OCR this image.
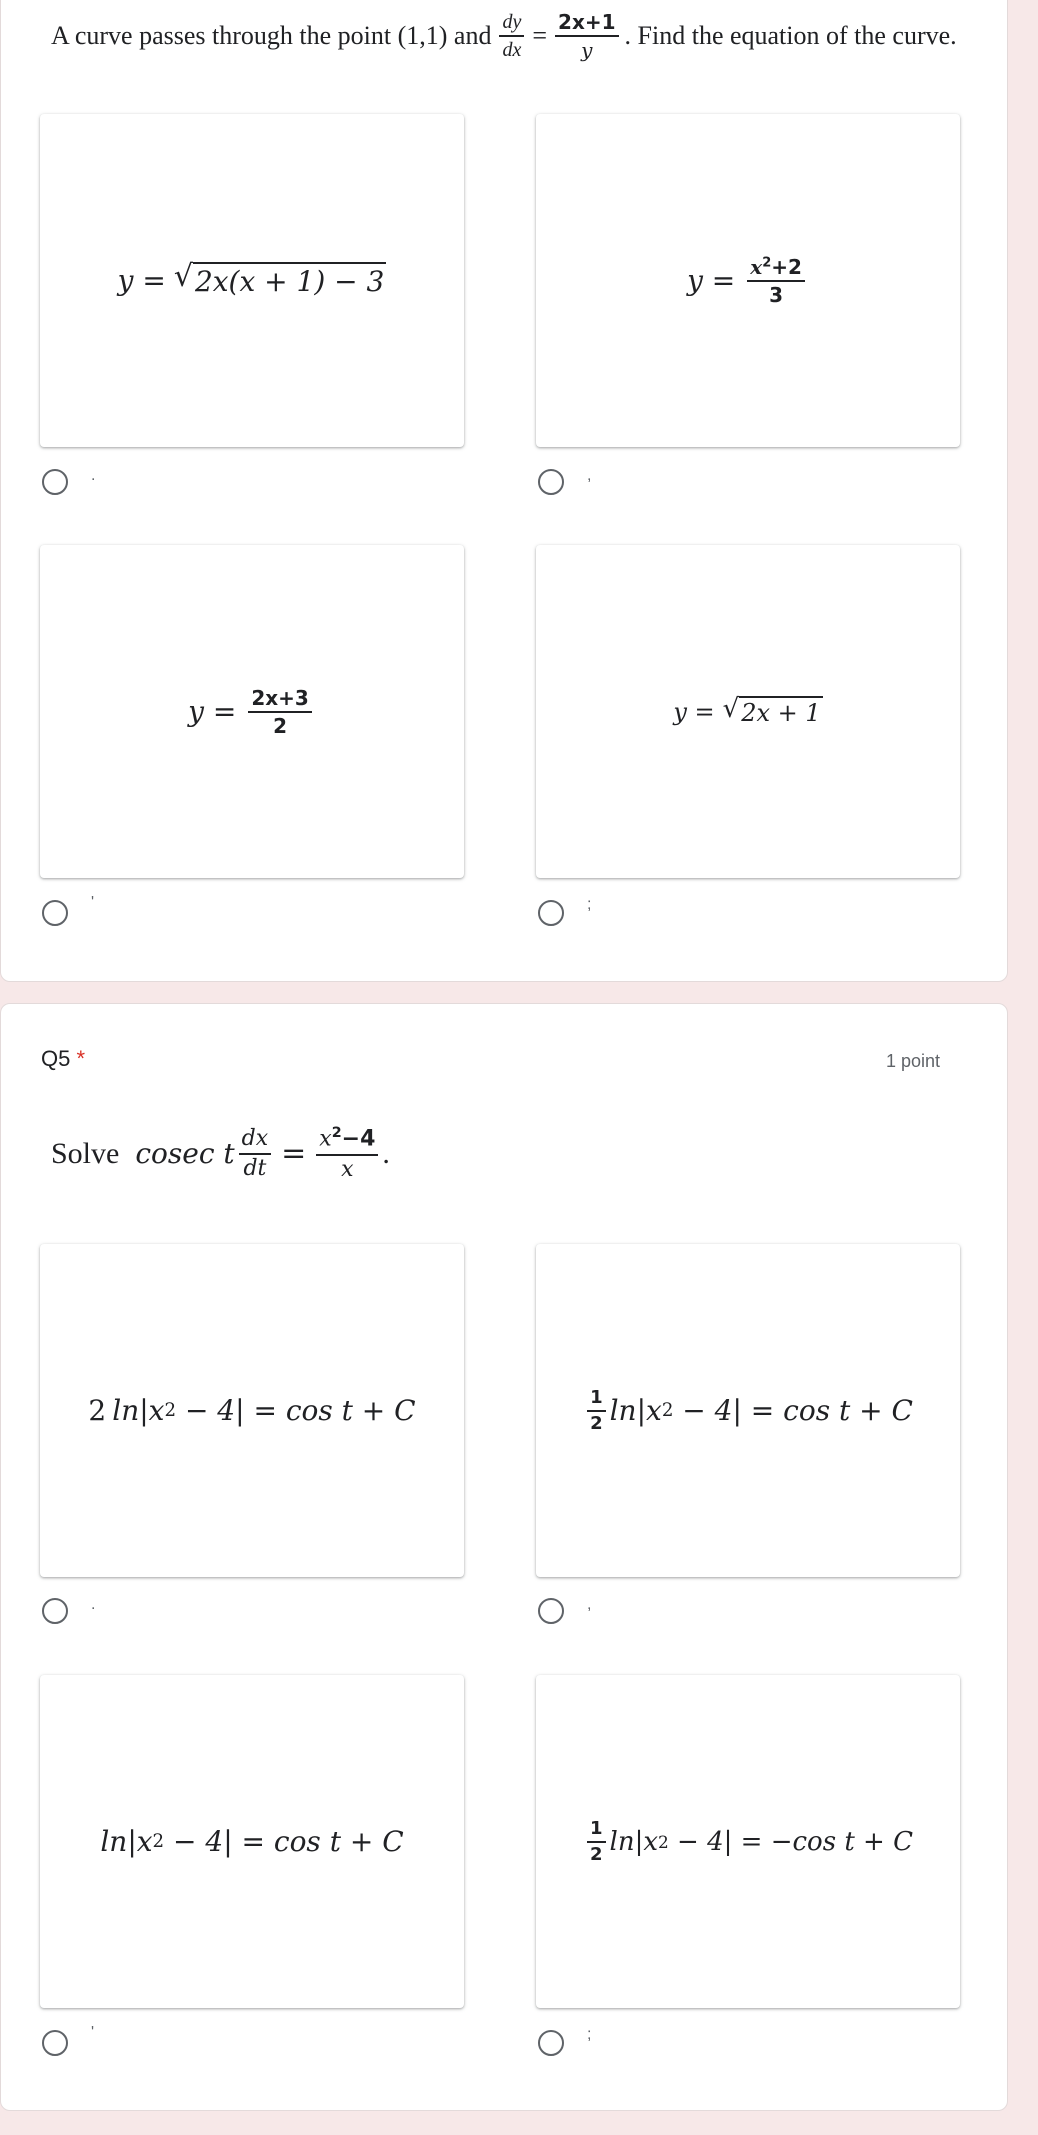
A curve passes through the point (1,1) and $\frac{dy}{dx} = \frac{2x+1}{y}$ . Find the equation of the curve.
y = √ 2x(x + 1) − 3
.
$y = \frac{x^2+2}{3}$
,
$y = \frac{2x+3}{2}$
'
y = √ 2x + 1
;
Q5 *	1 point
Solve cosec t $\frac{dx}{dt} = \frac{x^2-4}{x}$ .
2 ln|x 2 − 4| = cos t + C
.
$\frac{1}{2} \ln|x$ 2 − 4| = cos t + C
,
ln|x 2 − 4| = cos t + C
'
$\frac{1}{2} \ln|x$ 2 − 4| = −cos t + C
;
